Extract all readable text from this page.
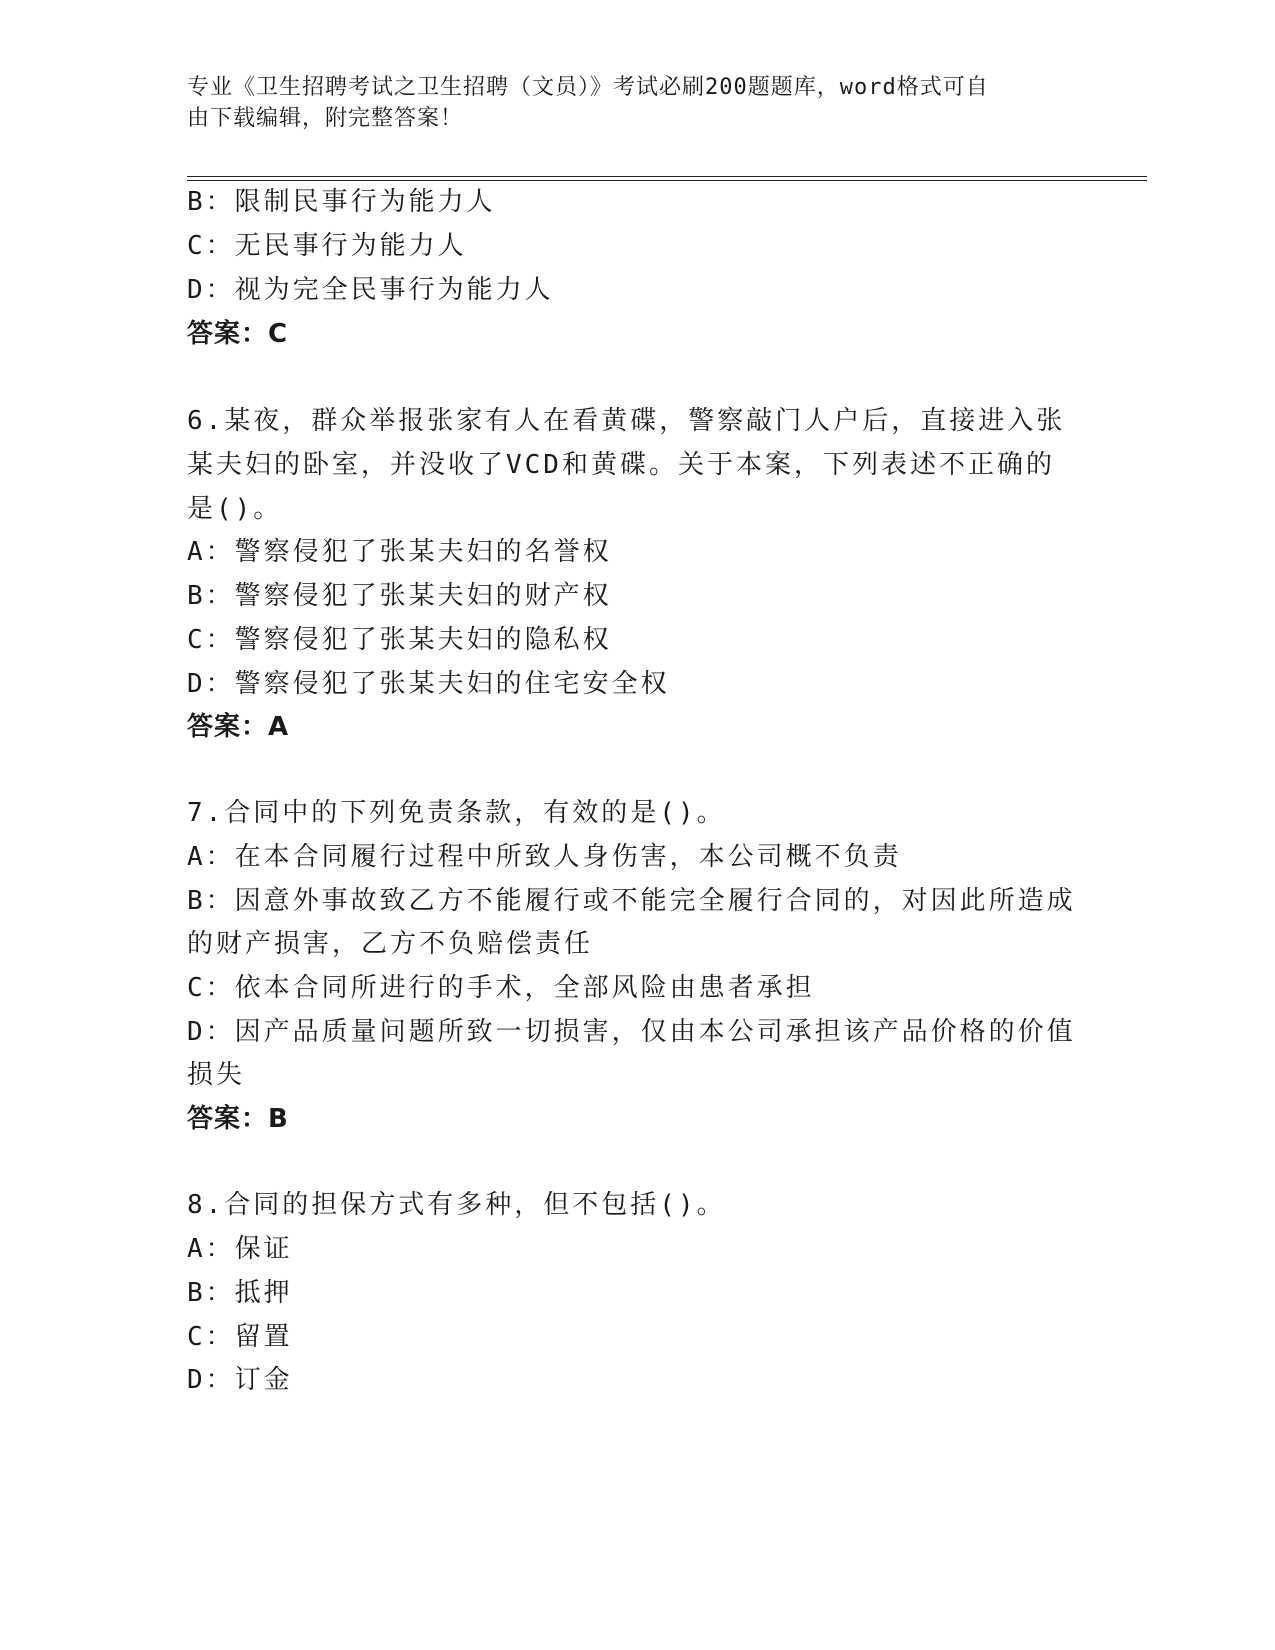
专业《卫生招聘考试之卫生招聘（文员）》考试必刷200题题库，word格式可自
由下载编辑，附完整答案！
B：限制民事行为能力人
C：无民事行为能力人
D：视为完全民事行为能力人
答案：C
6.某夜，群众举报张家有人在看黄碟，警察敲门人户后，直接进入张
某夫妇的卧室，并没收了VCD和黄碟。关于本案，下列表述不正确的
是()。
A：警察侵犯了张某夫妇的名誉权
B：警察侵犯了张某夫妇的财产权
C：警察侵犯了张某夫妇的隐私权
D：警察侵犯了张某夫妇的住宅安全权
答案：A
7.合同中的下列免责条款，有效的是()。
A：在本合同履行过程中所致人身伤害，本公司概不负责
B：因意外事故致乙方不能履行或不能完全履行合同的，对因此所造成
的财产损害，乙方不负赔偿责任
C：依本合同所进行的手术，全部风险由患者承担
D：因产品质量问题所致一切损害，仅由本公司承担该产品价格的价值
损失
答案：B
8.合同的担保方式有多种，但不包括()。
A：保证
B：抵押
C：留置
D：订金
